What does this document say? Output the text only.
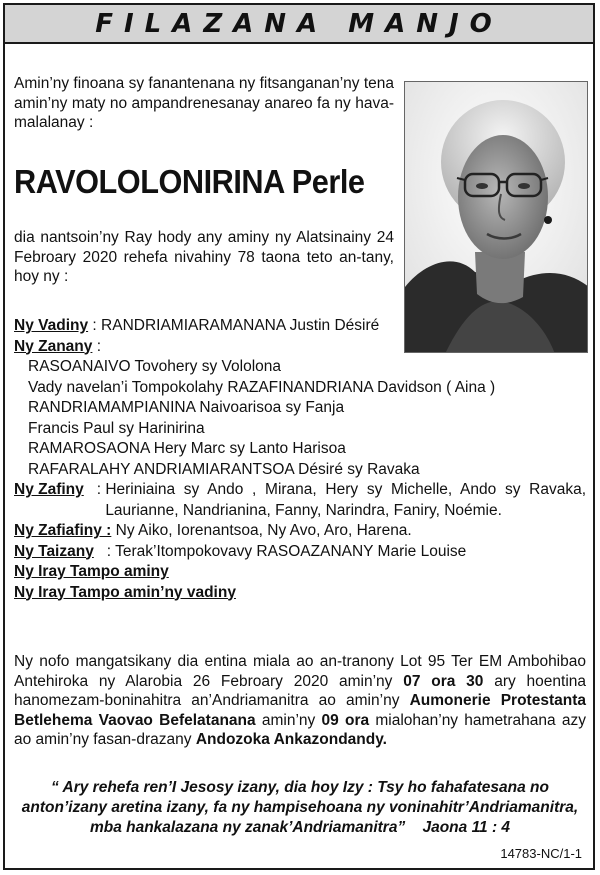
FILAZANA MANJO
Amin’ny finoana sy fanantenana ny fitsanganan’ny tena amin’ny maty no ampandrenesanay anareo fa ny hava-malalanay :
RAVOLOLONIRINA Perle
dia nantsoin’ny Ray hody any aminy ny Alatsinainy 24 Febroary 2020 rehefa nivahiny 78 taona teto an-tany, hoy ny :
Ny Vadiny : RANDRIAMIARAMANANA Justin Désiré
Ny Zanany :
RASOANAIVO Tovohery sy Vololona
Vady navelan’i Tompokolahy RAZAFINANDRIANA Davidson ( Aina )
RANDRIAMAMPIANINA Naivoarisoa sy Fanja
Francis Paul sy Harinirina
RAMAROSAONA Hery Marc sy Lanto Harisoa
RAFARALAHY ANDRIAMIARANTSOA Désiré sy Ravaka
Ny Zafiny   : Heriniaina sy Ando , Mirana, Hery sy Michelle, Ando sy Ravaka, Laurianne, Nandrianina, Fanny, Narindra, Faniry, Noémie.
Ny Zafiafiny : Ny Aiko, Iorenantsoa, Ny Avo, Aro, Harena.
Ny Taizany   : Terak’Itompokovavy RASOAZANANY Marie Louise
Ny Iray Tampo aminy
Ny Iray Tampo amin’ny vadiny
Ny nofo mangatsikany dia entina miala ao an-tranony Lot 95 Ter EM Ambohibao Antehiroka ny Alarobia 26 Febroary 2020 amin’ny 07 ora 30 ary hoentina hanomezam-boninahitra an’Andriamanitra ao amin’ny Aumonerie Protestanta Betlehema Vaovao Befelatanana amin’ny 09 ora mialohan’ny hametrahana azy ao amin’ny fasan-drazany Andozoka Ankazondandy.
“ Ary rehefa ren’I Jesosy izany, dia hoy Izy : Tsy ho fahafatesana no
anton’izany aretina izany, fa ny hampisehoana ny voninahitr’Andriamanitra,
mba hankalazana ny zanak’Andriamanitra” Jaona 11 : 4
14783-NC/1-1
